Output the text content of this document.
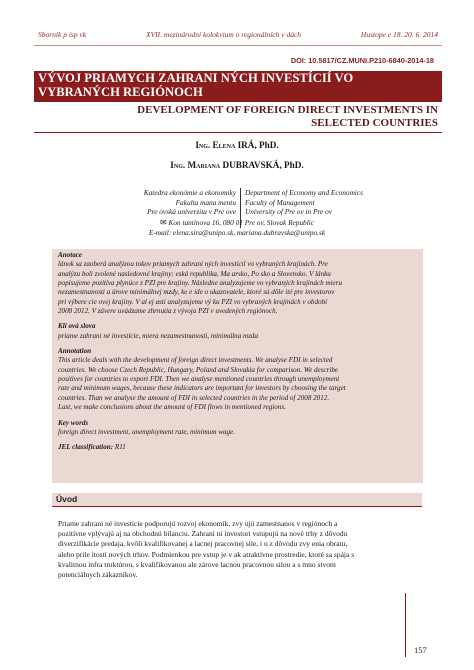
Sborník p ísp vk	XVII. mezinárodní kolokvium o regionálních v dách	Hustope e 18. 20. 6. 2014
DOI: 10.5817/CZ.MUNI.P210-6840-2014-18
VÝVOJ PRIAMYCH ZAHRANI NÝCH INVESTÍCIÍ VO
VYBRANÝCH REGIÓNOCH
DEVELOPMENT OF FOREIGN DIRECT INVESTMENTS IN
SELECTED COUNTRIES
Ing. Elena IRÁ, PhD.
Ing. Mariana DUBRAVSKÁ, PhD.
Katedra ekonómie a ekonomiky
Fakulta mana mentu
Pre ovská univerzita v Pre ove
Department of Economy and Economics
Faculty of Management
University of Pre ov in Pre ov
✉ Kon tantínova 16, 080 01 Pre ov, Slovak Republic
E-mail: elena.sira@unipo.sk, mariana.dubravska@unipo.sk

Anotace

lánok sa zaoberá analýzou tokov priamych zahrani ných investícií vo vybraných krajinách. Pre

analýzu boli zvolené nasledovné krajiny: eská republika, Ma arsko, Po sko a Slovensko. V lánku

popisujeme pozitíva plynúce z PZI pre krajiny. Následne analyzujeme vo vybraných krajinách mieru

nezamestnanosti a úrove minimálnej mzdy, ke e ide o ukazovatele, ktoré sú dôle ité pre investorov

pri výbere cie ovej krajiny. V al ej asti analyzujeme vý ku PZI vo vybraných krajinách v období

2008 2012. V závere uvádzame zhrnutia z vývoja PZI v uvedených regiónoch.

Klí ová slova

priame zahrani né investície, miera nezamestnanosti, minimálna mzda

Annotation

This article deals with the development of foreign direct investments. We analyse FDI in selected

countries. We choose Czech Republic, Hungary, Poland and Slovakia for comparison. We describe

positives for countries to export FDI. Then we analyse mentioned countries through unemployment

rate and minimum wages, because these indicators are important for investors by choosing the target

countries. Than we analyse the amount of FDI in selected countries in the period of 2008 2012.

Last, we make conclusions about the amount of FDI flows in mentioned regions.

Key words

foreign direct investment, unemployment rate, minimum wage.

JEL classification: R11

Úvod
Priame zahrani né investície podporujú rozvoj ekonomík, zvy ujú zamestnanos v regiónoch a
pozitívne vplývajú aj na obchodnú bilanciu. Zahrani ní investori vstupujú na nové trhy z dôvodu
diverzifikácie predaja, kvôli kvalifikovanej a lacnej pracovnej sile, i u z dôvodu zvy enia obratu,
alebo prile itostí nových trhov. Podmienkou pre vstup je v ak atraktívne prostredie, ktoré sa spája s
kvalitnou infra truktúrou, s kvalifikovanou ale zárove lacnou pracovnou silou a s mno stvom
potenciálnych zákazníkov.
157
